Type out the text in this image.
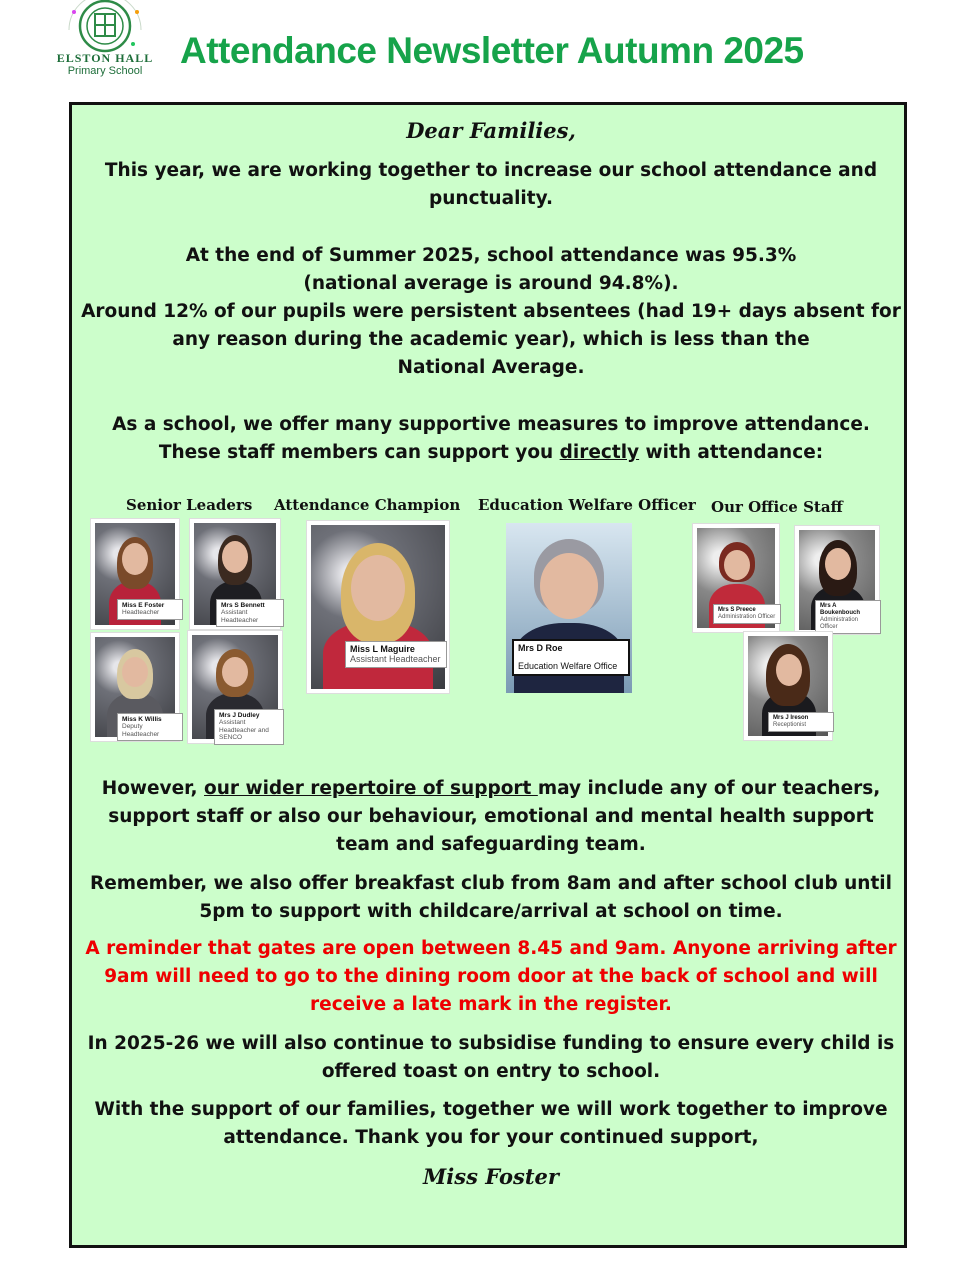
ELSTON HALL
Primary School
Attendance Newsletter Autumn 2025
Dear Families,
This year, we are working together to increase our school attendance and
punctuality.
At the end of Summer 2025, school attendance was 95.3%
(national average is around 94.8%).
Around 12% of our pupils were persistent absentees (had 19+ days absent for
any reason during the academic year), which is less than the
National Average.
As a school, we offer many supportive measures to improve attendance.
These staff members can support you directly with attendance:
Senior Leaders Attendance Champion Education Welfare Officer Our Office Staff
Miss E Foster
Headteacher
Mrs S Bennett
Assistant Headteacher
Miss K Willis
Deputy Headteacher
Mrs J Dudley
Assistant Headteacher and SENCO
Miss L Maguire
Assistant Headteacher
Mrs D Roe
Education Welfare Office
Mrs S Preece
Administration Officer
Mrs A Boukenbouch
Administration Officer
Mrs J Ireson
Receptionist
However, our wider repertoire of support may include any of our teachers,
support staff or also our behaviour, emotional and mental health support
team and safeguarding team.
Remember, we also offer breakfast club from 8am and after school club until
5pm to support with childcare/arrival at school on time.
A reminder that gates are open between 8.45 and 9am. Anyone arriving after
9am will need to go to the dining room door at the back of school and will
receive a late mark in the register.
In 2025-26 we will also continue to subsidise funding to ensure every child is
offered toast on entry to school.
With the support of our families, together we will work together to improve
attendance. Thank you for your continued support,
Miss Foster
